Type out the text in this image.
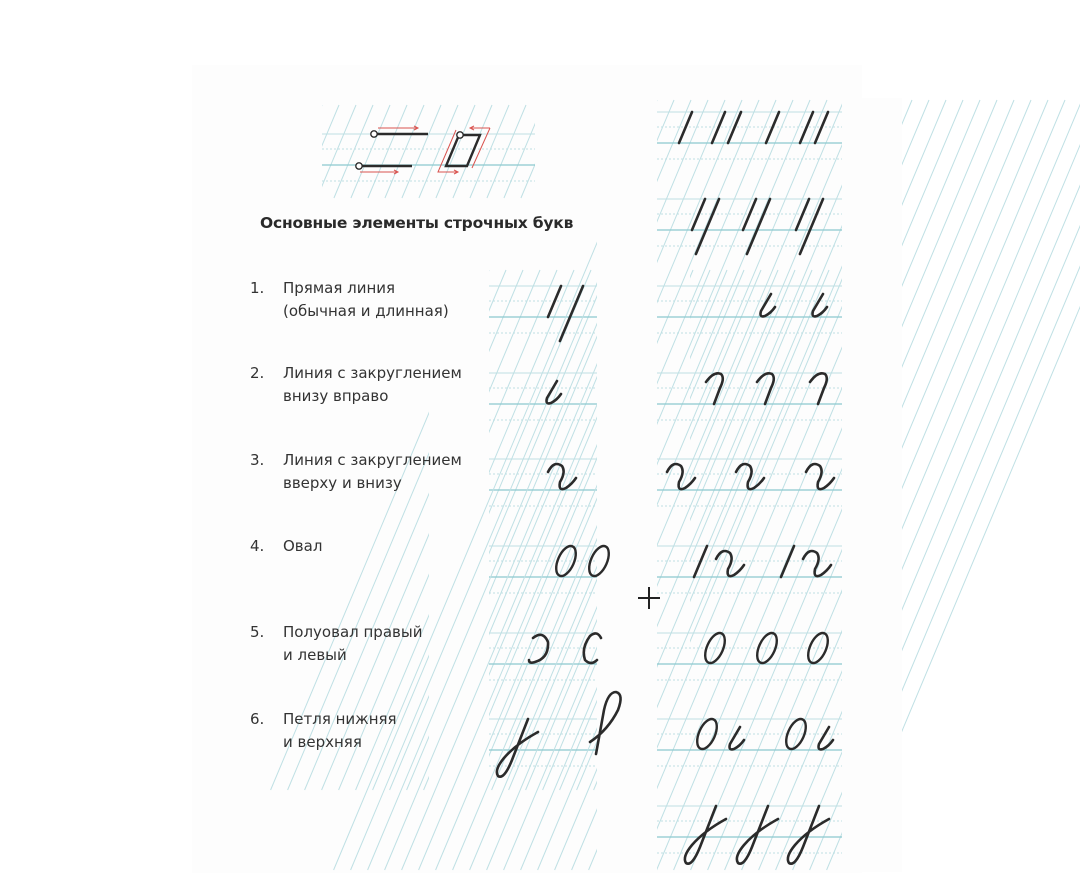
Основные элементы строчных букв
1.	Прямая линия
(обычная и длинная)
2.	Линия с закруглением
внизу вправо
3.	Линия с закруглением
вверху и внизу
4.	Овал
5.	Полуовал правый
и левый
6.	Петля нижняя
и верхняя
